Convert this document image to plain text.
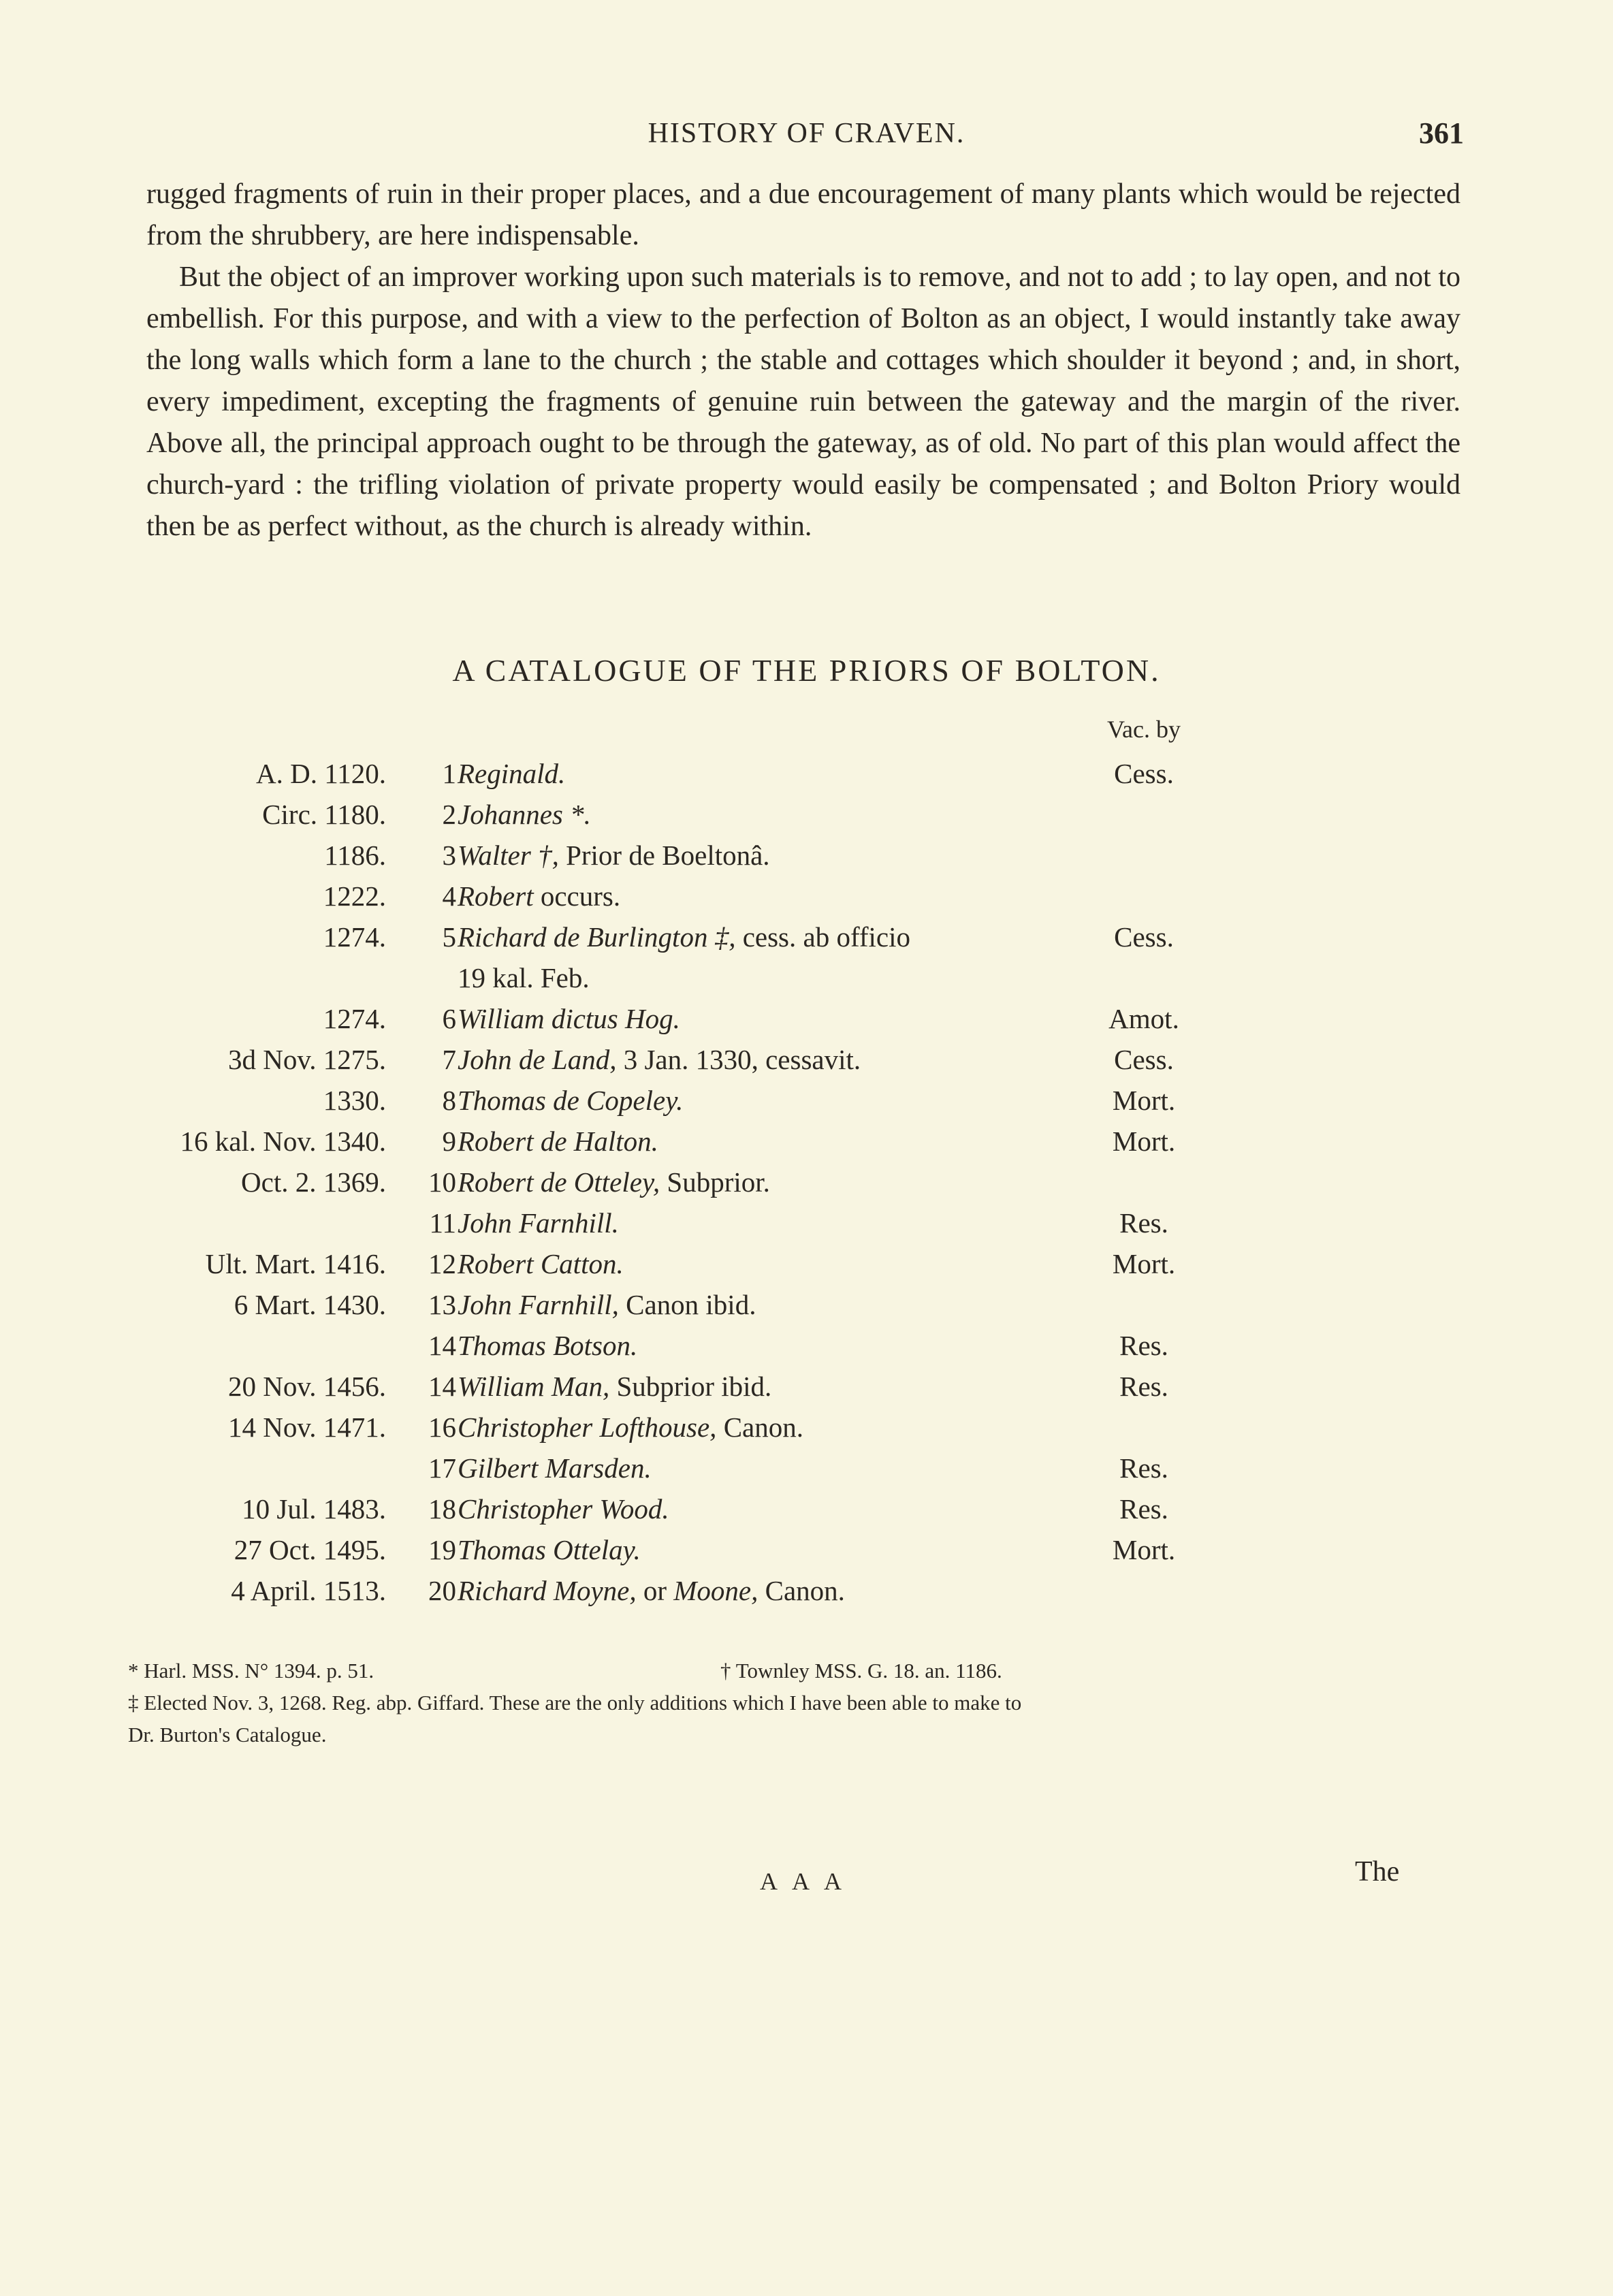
HISTORY OF CRAVEN.	361

rugged fragments of ruin in their proper places, and a due encouragement of many plants which would be rejected from the shrubbery, are here indispensable.

But the object of an improver working upon such materials is to remove, and not to add ; to lay open, and not to embellish. For this purpose, and with a view to the perfection of Bolton as an object, I would instantly take away the long walls which form a lane to the church ; the stable and cottages which shoulder it beyond ; and, in short, every impediment, excepting the fragments of genuine ruin between the gateway and the margin of the river. Above all, the principal approach ought to be through the gateway, as of old. No part of this plan would affect the church-yard : the trifling violation of private property would easily be compensated ; and Bolton Priory would then be as perfect without, as the church is already within.

A CATALOGUE OF THE PRIORS OF BOLTON.
Vac. by
A. D. 1120.	1 Reginald.	Cess.
Circ. 1180.	2 Johannes *.
1186.	3 Walter †, Prior de Boeltonâ.
1222.	4 Robert occurs.
1274.	5 Richard de Burlington ‡, cess. ab officio	Cess.
19 kal. Feb.
1274.	6 William dictus Hog.	Amot.
3d Nov. 1275.	7 John de Land, 3 Jan. 1330, cessavit.	Cess.
1330.	8 Thomas de Copeley.	Mort.
16 kal. Nov. 1340.	9 Robert de Halton.	Mort.
Oct. 2. 1369.	10 Robert de Otteley, Subprior.
11 John Farnhill.	Res.
Ult. Mart. 1416.	12 Robert Catton.	Mort.
6 Mart. 1430.	13 John Farnhill, Canon ibid.
14 Thomas Botson.	Res.
20 Nov. 1456.	14 William Man, Subprior ibid.	Res.
14 Nov. 1471.	16 Christopher Lofthouse, Canon.
17 Gilbert Marsden.	Res.
10 Jul. 1483.	18 Christopher Wood.	Res.
27 Oct. 1495.	19 Thomas Ottelay.	Mort.
4 April. 1513.	20 Richard Moyne, or Moone, Canon.
* Harl. MSS. N° 1394. p. 51.	† Townley MSS. G. 18. an. 1186.
‡ Elected Nov. 3, 1268. Reg. abp. Giffard. These are the only additions which I have been able to make to
Dr. Burton's Catalogue.
A A A	The
